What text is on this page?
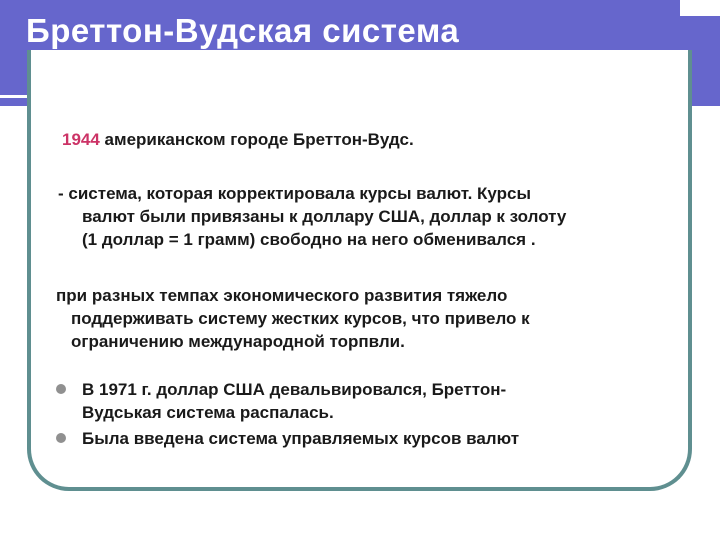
Бреттон-Вудская система

1944 американском городе Бреттон-Вудс.

- система, которая корректировала курсы валют. Курсы
валют были привязаны к доллару США, доллар к золоту
(1 доллар = 1 грамм) свободно на него обменивался .
при разных темпах экономического развития тяжело
поддерживать систему жестких курсов, что привело к
ограничению международной торпвли.
В 1971 г. доллар США девальвировался, Бреттон-
Вудськая система распалась.
Была введена система управляемых курсов валют
